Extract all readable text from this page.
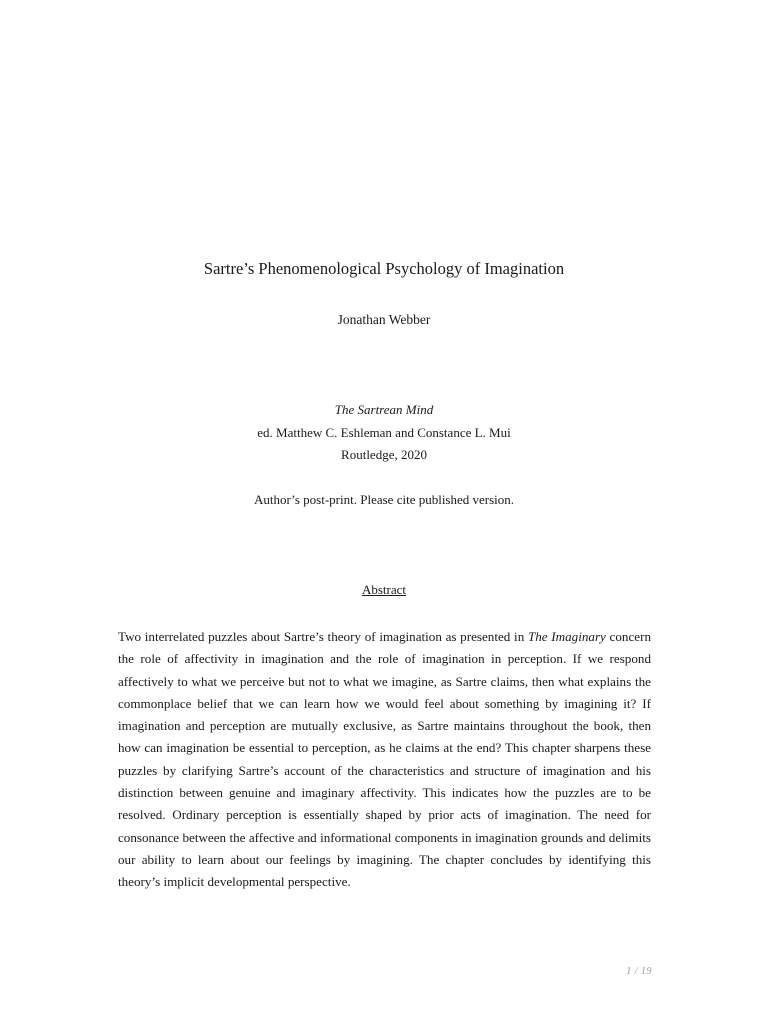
Sartre’s Phenomenological Psychology of Imagination
Jonathan Webber
The Sartrean Mind
ed. Matthew C. Eshleman and Constance L. Mui
Routledge, 2020
Author’s post-print. Please cite published version.
Abstract
Two interrelated puzzles about Sartre’s theory of imagination as presented in The Imaginary concern the role of affectivity in imagination and the role of imagination in perception. If we respond affectively to what we perceive but not to what we imagine, as Sartre claims, then what explains the commonplace belief that we can learn how we would feel about something by imagining it? If imagination and perception are mutually exclusive, as Sartre maintains throughout the book, then how can imagination be essential to perception, as he claims at the end? This chapter sharpens these puzzles by clarifying Sartre’s account of the characteristics and structure of imagination and his distinction between genuine and imaginary affectivity. This indicates how the puzzles are to be resolved. Ordinary perception is essentially shaped by prior acts of imagination. The need for consonance between the affective and informational components in imagination grounds and delimits our ability to learn about our feelings by imagining. The chapter concludes by identifying this theory’s implicit developmental perspective.
1 / 19
